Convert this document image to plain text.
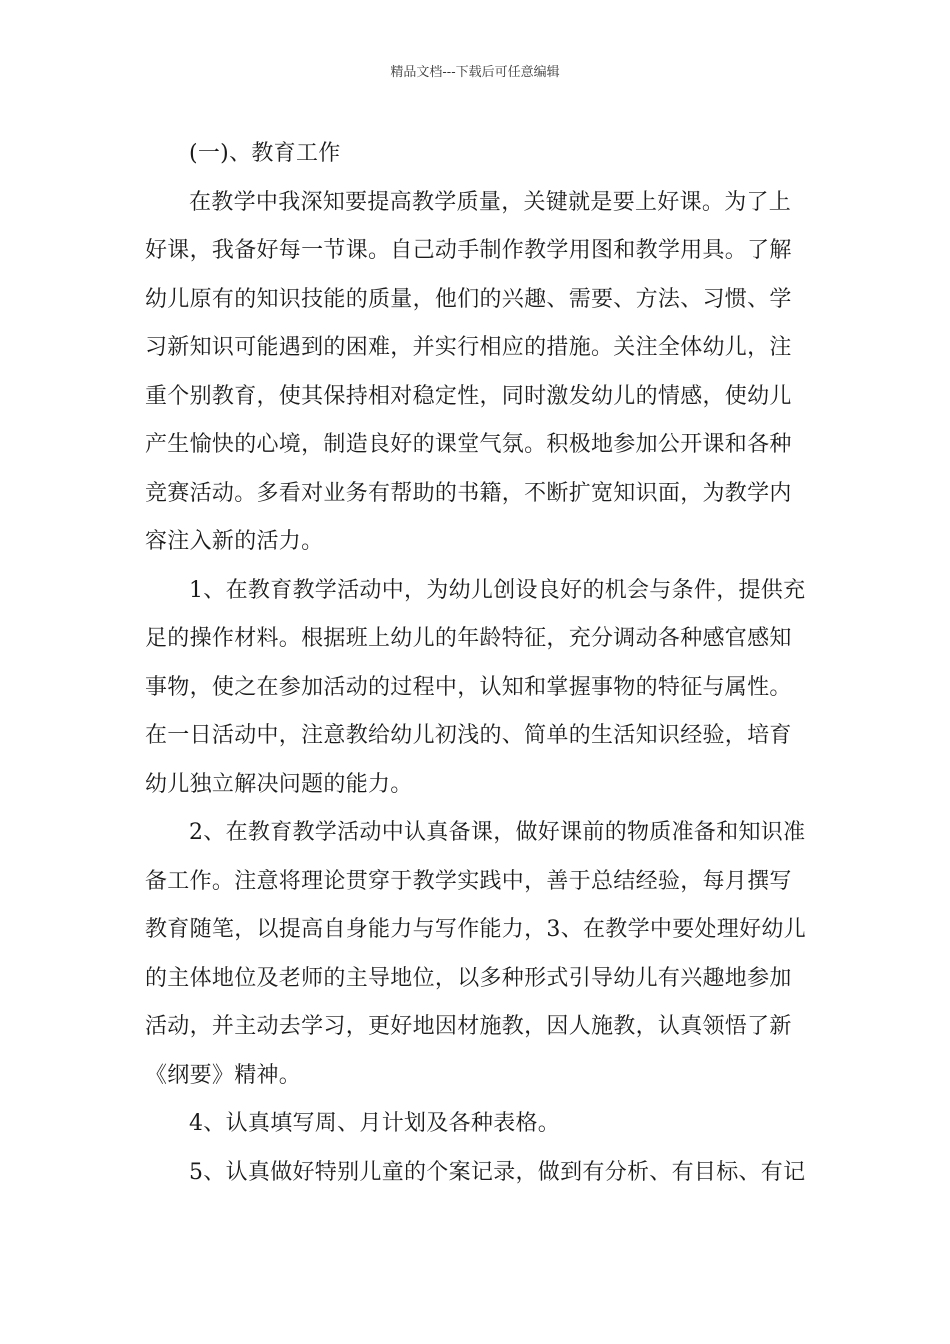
精品文档---下载后可任意编辑

(一)、教育工作

在教学中我深知要提高教学质量，关键就是要上好课。为了上
好课，我备好每一节课。自己动手制作教学用图和教学用具。了解
幼儿原有的知识技能的质量，他们的兴趣、需要、方法、习惯、学
习新知识可能遇到的困难，并实行相应的措施。关注全体幼儿，注
重个别教育，使其保持相对稳定性，同时激发幼儿的情感，使幼儿
产生愉快的心境，制造良好的课堂气氛。积极地参加公开课和各种
竞赛活动。多看对业务有帮助的书籍，不断扩宽知识面，为教学内
容注入新的活力。

1、在教育教学活动中，为幼儿创设良好的机会与条件，提供充
足的操作材料。根据班上幼儿的年龄特征，充分调动各种感官感知
事物，使之在参加活动的过程中，认知和掌握事物的特征与属性。
在一日活动中，注意教给幼儿初浅的、简单的生活知识经验，培育
幼儿独立解决问题的能力。

2、在教育教学活动中认真备课，做好课前的物质准备和知识准
备工作。注意将理论贯穿于教学实践中，善于总结经验，每月撰写
教育随笔，以提高自身能力与写作能力，3、在教学中要处理好幼儿
的主体地位及老师的主导地位，以多种形式引导幼儿有兴趣地参加
活动，并主动去学习，更好地因材施教，因人施教，认真领悟了新
《纲要》精神。

4、认真填写周、月计划及各种表格。

5、认真做好特别儿童的个案记录，做到有分析、有目标、有记
